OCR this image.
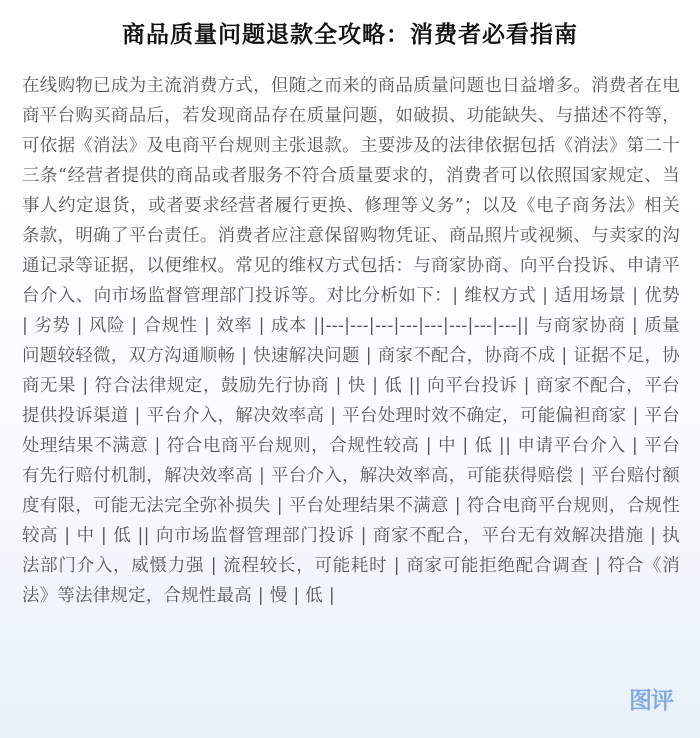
商品质量问题退款全攻略：消费者必看指南
在线购物已成为主流消费方式，但随之而来的商品质量问题也日益增多。消费者在电商平台购买商品后，若发现商品存在质量问题，如破损、功能缺失、与描述不符等，可依据《消法》及电商平台规则主张退款。主要涉及的法律依据包括《消法》第二十三条“经营者提供的商品或者服务不符合质量要求的，消费者可以依照国家规定、当事人约定退货，或者要求经营者履行更换、修理等义务”；以及《电子商务法》相关条款，明确了平台责任。消费者应注意保留购物凭证、商品照片或视频、与卖家的沟通记录等证据，以便维权。常见的维权方式包括：与商家协商、向平台投诉、申请平台介入、向市场监督管理部门投诉等。对比分析如下：| 维权方式 | 适用场景 | 优势 | 劣势 | 风险 | 合规性 | 效率 | 成本 ||---|---|---|---|---|---|---|---|| 与商家协商 | 质量问题较轻微，双方沟通顺畅 | 快速解决问题 | 商家不配合，协商不成 | 证据不足，协商无果 | 符合法律规定，鼓励先行协商 | 快 | 低 || 向平台投诉 | 商家不配合，平台提供投诉渠道 | 平台介入，解决效率高 | 平台处理时效不确定，可能偏袒商家 | 平台处理结果不满意 | 符合电商平台规则，合规性较高 | 中 | 低 || 申请平台介入 | 平台有先行赔付机制，解决效率高 | 平台介入，解决效率高，可能获得赔偿 | 平台赔付额度有限，可能无法完全弥补损失 | 平台处理结果不满意 | 符合电商平台规则，合规性较高 | 中 | 低 || 向市场监督管理部门投诉 | 商家不配合，平台无有效解决措施 | 执法部门介入，威慑力强 | 流程较长，可能耗时 | 商家可能拒绝配合调查 | 符合《消法》等法律规定，合规性最高 | 慢 | 低 |
图评
